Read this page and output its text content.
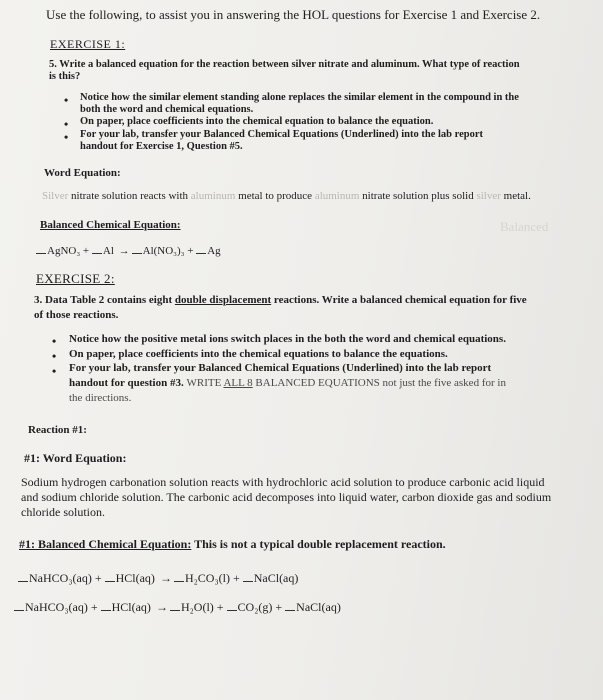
Use the following, to assist you in answering the HOL questions for Exercise 1 and Exercise 2.
EXERCISE 1:
5. Write a balanced equation for the reaction between silver nitrate and aluminum. What type of reaction
is this?
• Notice how the similar element standing alone replaces the similar element in the compound in the
both the word and chemical equations.
• On paper, place coefficients into the chemical equation to balance the equation.
• For your lab, transfer your Balanced Chemical Equations (Underlined) into the lab report
handout for Exercise 1, Question #5.
Word Equation:
Silver nitrate solution reacts with aluminum metal to produce aluminum nitrate solution plus solid silver metal.
Balanced Chemical Equation:	Balanced
AgNO₃ + Al → Al(NO₃)₃ + Ag
EXERCISE 2:
3. Data Table 2 contains eight double displacement reactions. Write a balanced chemical equation for five
of those reactions.
• Notice how the positive metal ions switch places in the both the word and chemical equations.
• On paper, place coefficients into the chemical equations to balance the equations.
• For your lab, transfer your Balanced Chemical Equations (Underlined) into the lab report
handout for question #3. WRITE ALL 8 BALANCED EQUATIONS not just the five asked for in
the directions.
Reaction #1:
#1: Word Equation:
Sodium hydrogen carbonation solution reacts with hydrochloric acid solution to produce carbonic acid liquid
and sodium chloride solution. The carbonic acid decomposes into liquid water, carbon dioxide gas and sodium
chloride solution.
#1: Balanced Chemical Equation: This is not a typical double replacement reaction.
NaHCO₃(aq) + HCl(aq) → H₂CO₃(l) + NaCl(aq)
NaHCO₃(aq) + HCl(aq) → H₂O(l) + CO₂(g) + NaCl(aq)
